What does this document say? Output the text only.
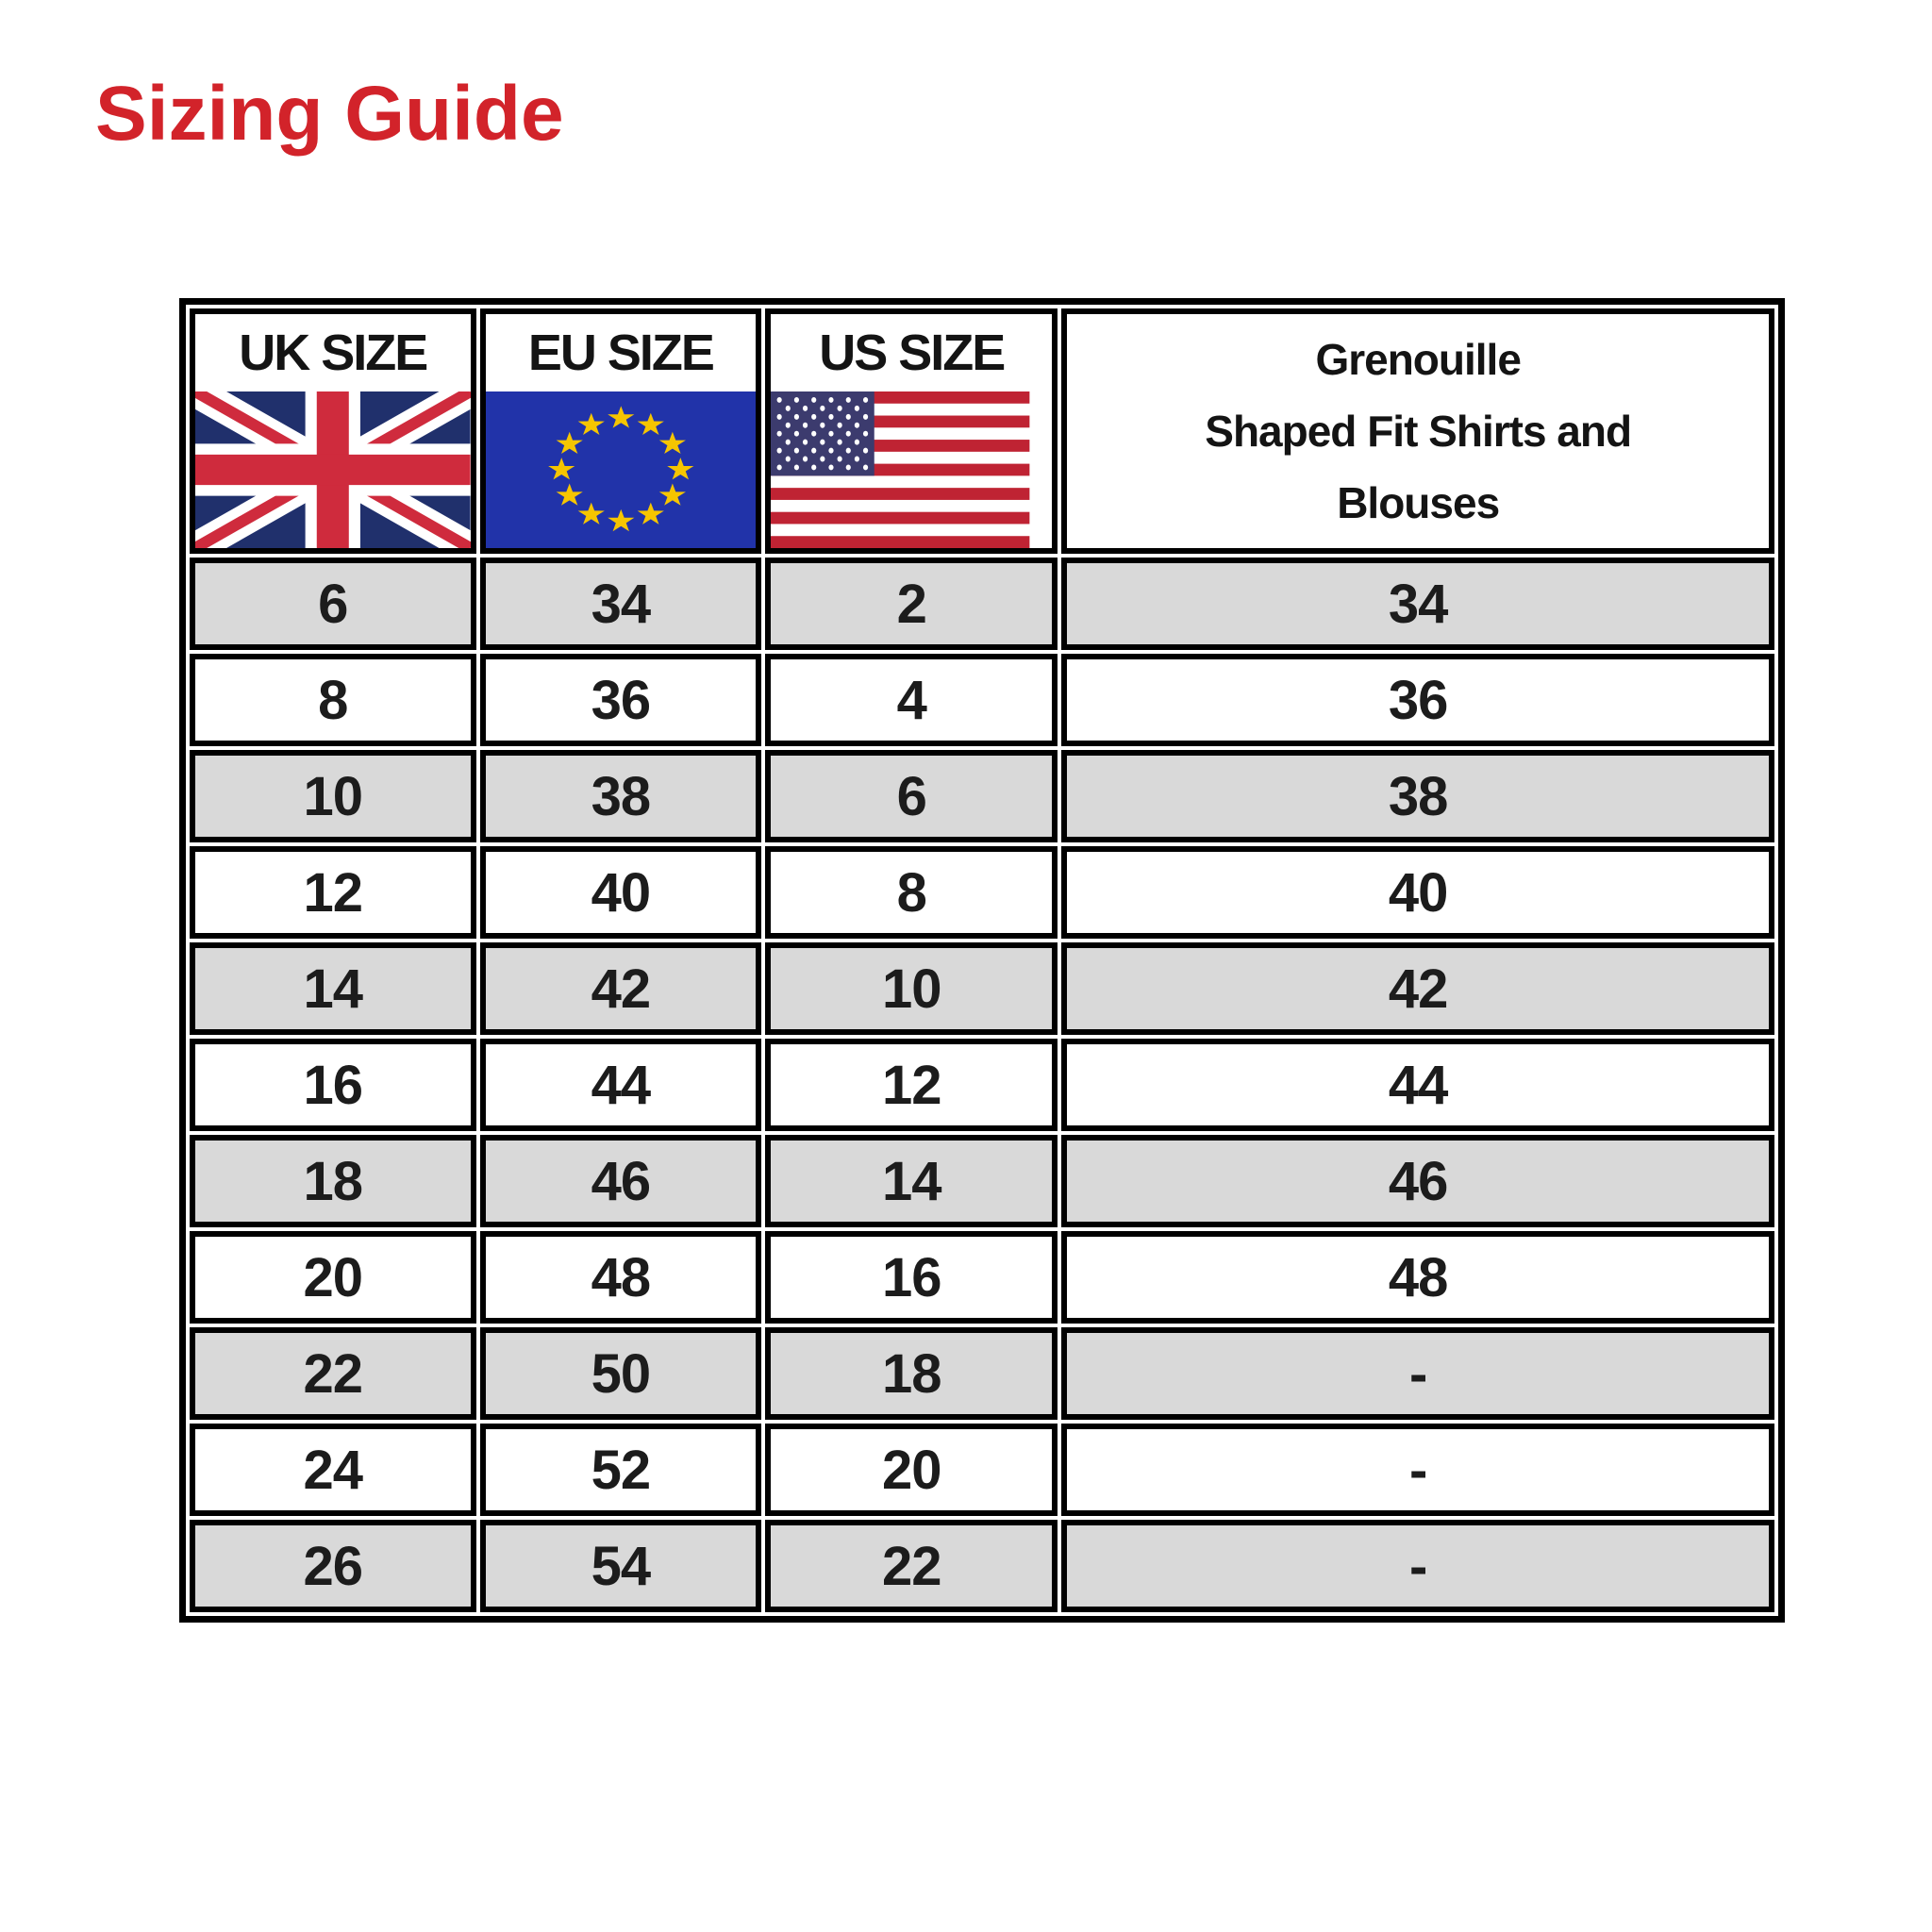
Sizing Guide
UK SIZE	EU SIZE	US SIZE	Grenouille
Shaped Fit Shirts and
Blouses

6	34	2	34
8	36	4	36
10	38	6	38
12	40	8	40
14	42	10	42
16	44	12	44
18	46	14	46
20	48	16	48
22	50	18	-
24	52	20	-
26	54	22	-
